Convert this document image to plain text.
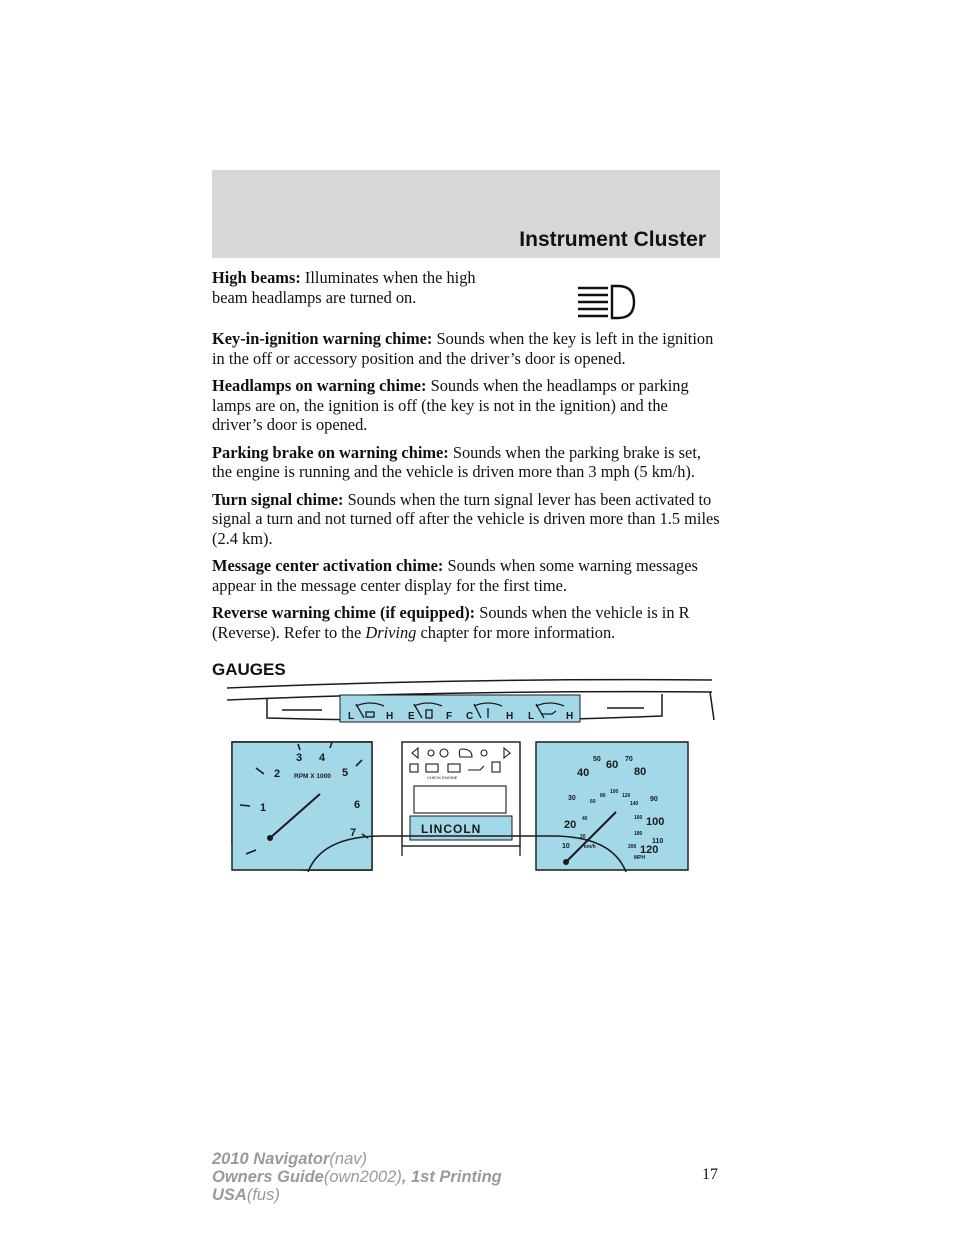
Instrument Cluster
High beams: Illuminates when the high beam headlamps are turned on.
Key-in-ignition warning chime: Sounds when the key is left in the ignition in the off or accessory position and the driver’s door is opened.
Headlamps on warning chime: Sounds when the headlamps or parking lamps are on, the ignition is off (the key is not in the ignition) and the driver’s door is opened.
Parking brake on warning chime: Sounds when the parking brake is set, the engine is running and the vehicle is driven more than 3 mph (5 km/h).
Turn signal chime: Sounds when the turn signal lever has been activated to signal a turn and not turned off after the vehicle is driven more than 1.5 miles (2.4 km).
Message center activation chime: Sounds when some warning messages appear in the message center display for the first time.
Reverse warning chime (if equipped): Sounds when the vehicle is in R (Reverse). Refer to the Driving chapter for more information.
GAUGES
L	H E	F C	H L	H
1
2
3 4
5
6
7
RPM X 1000	CHECK ENGINE
LINCOLN	20
40
60
80
100
120
10
30
50	70
90
110
20
40
60
80
100
120
140
160
180
200
km/h
MPH
17
2010 Navigator(nav)
Owners Guide(own2002), 1st Printing
USA(fus)
